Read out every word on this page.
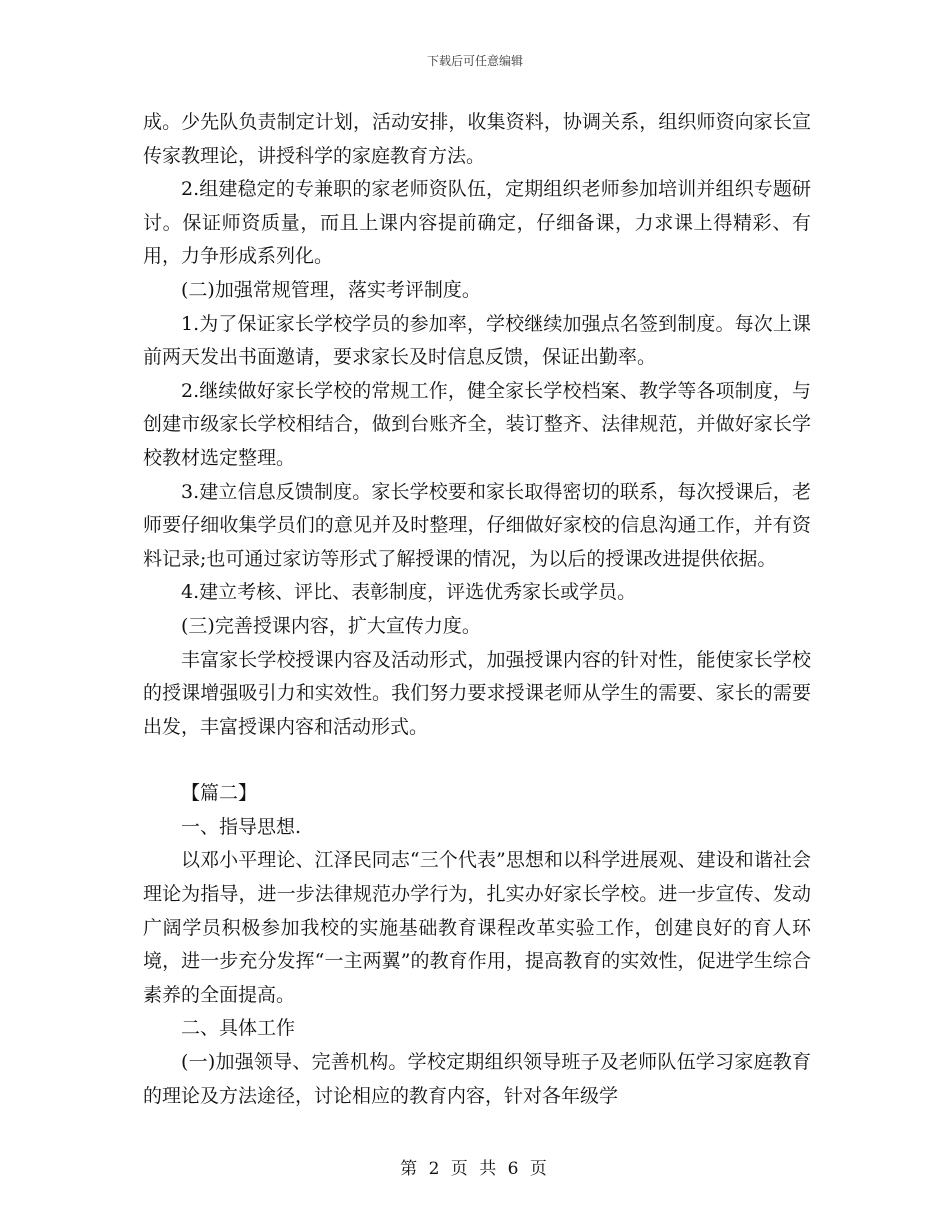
下载后可任意编辑

成。少先队负责制定计划，活动安排，收集资料，协调关系，组织师资向家长宣传家教理论，讲授科学的家庭教育方法。

2.组建稳定的专兼职的家老师资队伍，定期组织老师参加培训并组织专题研讨。保证师资质量，而且上课内容提前确定，仔细备课，力求课上得精彩、有用，力争形成系列化。

(二)加强常规管理，落实考评制度。

1.为了保证家长学校学员的参加率，学校继续加强点名签到制度。每次上课前两天发出书面邀请，要求家长及时信息反馈，保证出勤率。

2.继续做好家长学校的常规工作，健全家长学校档案、教学等各项制度，与创建市级家长学校相结合，做到台账齐全，装订整齐、法律规范，并做好家长学校教材选定整理。

3.建立信息反馈制度。家长学校要和家长取得密切的联系，每次授课后，老师要仔细收集学员们的意见并及时整理，仔细做好家校的信息沟通工作，并有资料记录;也可通过家访等形式了解授课的情况，为以后的授课改进提供依据。

4.建立考核、评比、表彰制度，评选优秀家长或学员。

(三)完善授课内容，扩大宣传力度。

丰富家长学校授课内容及活动形式，加强授课内容的针对性，能使家长学校的授课增强吸引力和实效性。我们努力要求授课老师从学生的需要、家长的需要出发，丰富授课内容和活动形式。

【篇二】

一、指导思想.

以邓小平理论、江泽民同志“三个代表”思想和以科学进展观、建设和谐社会理论为指导，进一步法律规范办学行为，扎实办好家长学校。进一步宣传、发动广阔学员积极参加我校的实施基础教育课程改革实验工作，创建良好的育人环境，进一步充分发挥“一主两翼”的教育作用，提高教育的实效性，促进学生综合素养的全面提高。

二、具体工作

(一)加强领导、完善机构。学校定期组织领导班子及老师队伍学习家庭教育的理论及方法途径，讨论相应的教育内容，针对各年级学

第 2 页 共 6 页
